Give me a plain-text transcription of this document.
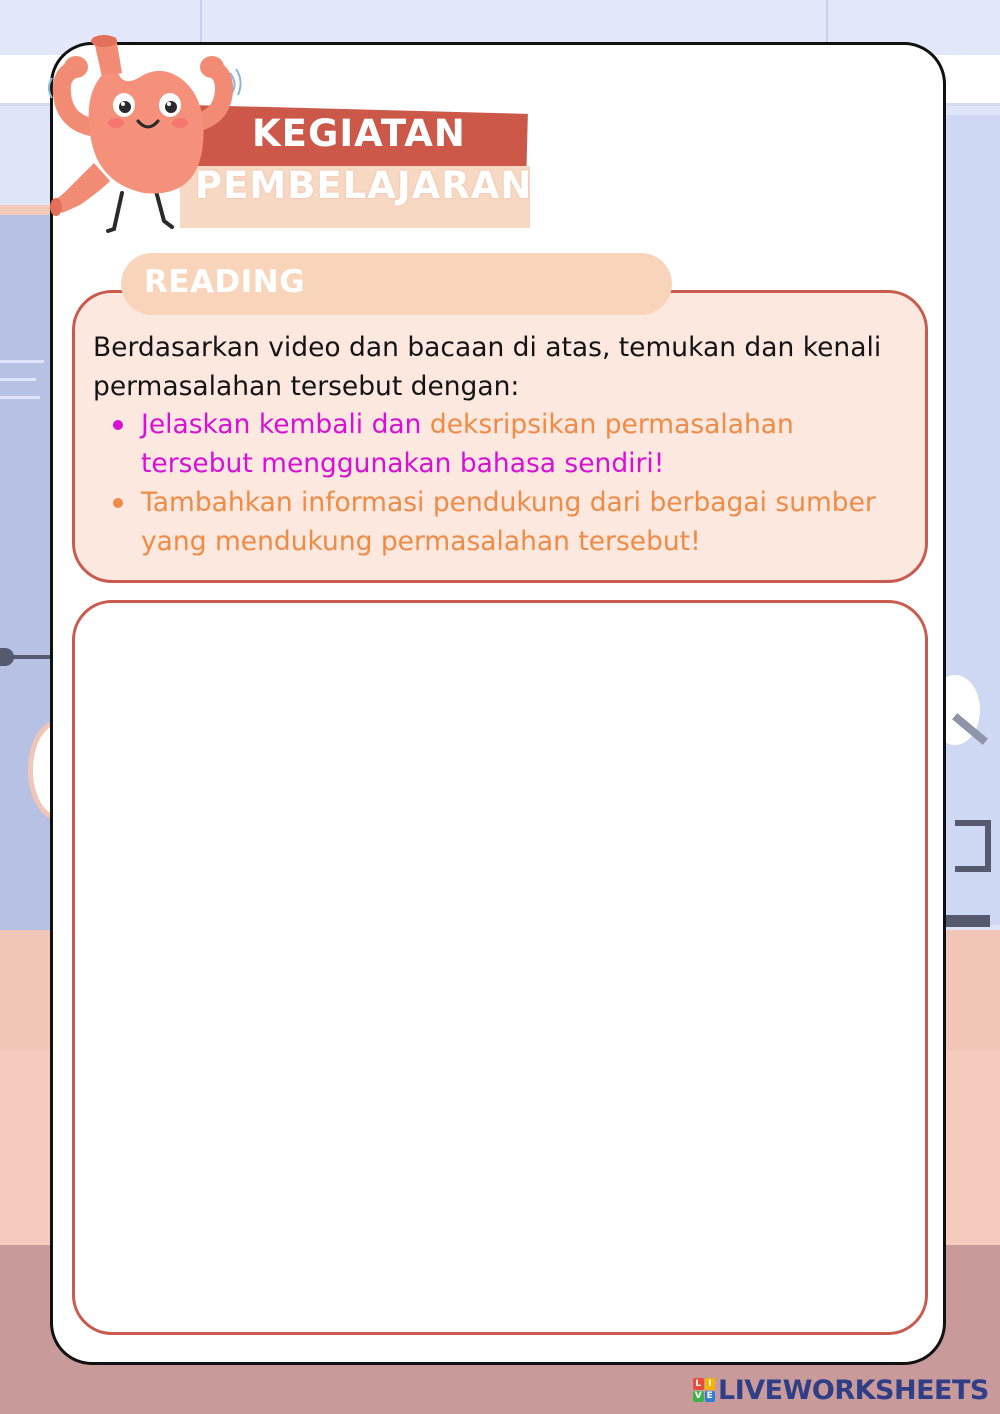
KEGIATAN
PEMBELAJARAN
READING
Berdasarkan video dan bacaan di atas, temukan dan kenali permasalahan tersebut dengan:
Jelaskan kembali dan deksripsikan permasalahan tersebut menggunakan bahasa sendiri!
Tambahkan informasi pendukung dari berbagai sumber yang mendukung permasalahan tersebut!
L I
V E LIVEWORKSHEETS
